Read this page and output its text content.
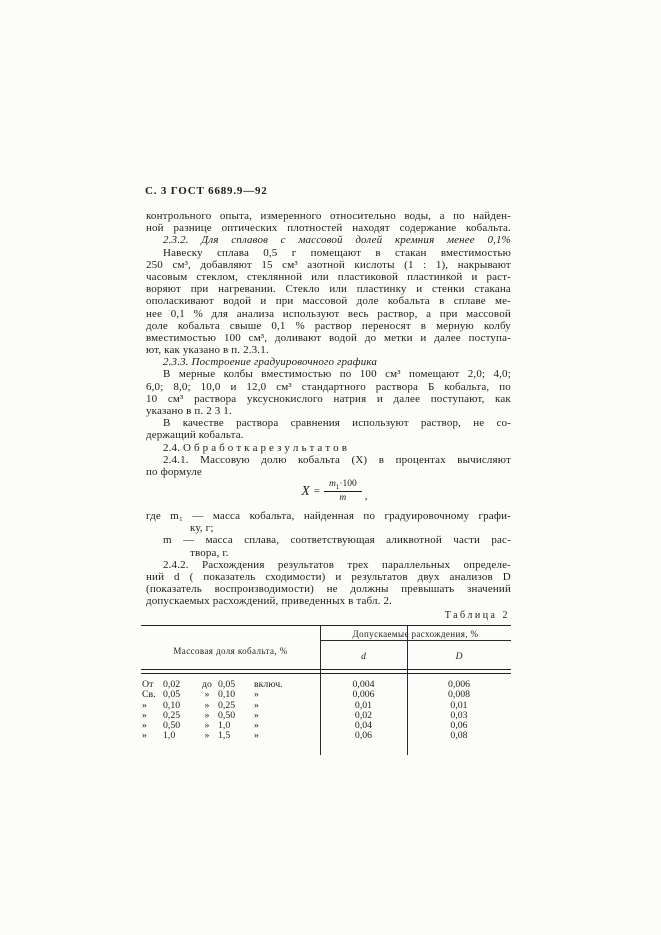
С. 3 ГОСТ 6689.9—92
контрольного опыта, измеренного относительно воды, а по найден-
ной разнице оптических плотностей находят содержание кобальта.
2.3.2. Для сплавов с массовой долей кремния менее 0,1%
Навеску сплава 0,5 г помещают в стакан вместимостью
250 см³, добавляют 15 см³ азотной кислоты (1 : 1), накрывают
часовым стеклом, стеклянной или пластиковой пластинкой и раст-
воряют при нагревании. Стекло или пластинку и стенки стакана
ополаскивают водой и при массовой доле кобальта в сплаве ме-
нее 0,1 % для анализа используют весь раствор, а при массовой
доле кобальта свыше 0,1 % раствор переносят в мерную колбу
вместимостью 100 см³, доливают водой до метки и далее поступа-
ют, как указано в п. 2.3.1.
2.3.3. Построение градуировочного графика
В мерные колбы вместимостью по 100 см³ помещают 2,0; 4,0;
6,0; 8,0; 10,0 и 12,0 см³ стандартного раствора Б кобальта, по
10 см³ раствора уксуснокислого натрия и далее поступают, как
указано в п. 2 3 1.
В качестве раствора сравнения используют раствор, не со-
держащий кобальта.
2.4. О б р а б о т к а р е з у л ь т а т о в
2.4.1. Массовую долю кобальта (X) в процентах вычисляют
по формуле
$X = \frac{m_1\cdot 100}{m}$ ,
где m₁ — масса кобальта, найденная по градуировочному графи-
ку, г;
m — масса сплава, соответствующая аликвотной части рас-
твора, г.
2.4.2. Расхождения результатов трех параллельных определе-
ний d ( показатель сходимости) и результатов двух анализов D
(показатель воспроизводимости) не должны превышать значений
допускаемых расхождений, приведенных в табл. 2.
Таблица 2
Допускаемые расхождения, %
Массовая доля кобальта, %
d	D
От 0,02	до 0,05	включ.	0,004	0,006
Св. 0,05	» 0,10	»	0,006	0,008
»	0,10	» 0,25	»	0,01	0,01
»	0,25	» 0,50	»	0,02	0,03
»	0,50	» 1,0	»	0,04	0,06
»	1,0	» 1,5	»	0,06	0,08
